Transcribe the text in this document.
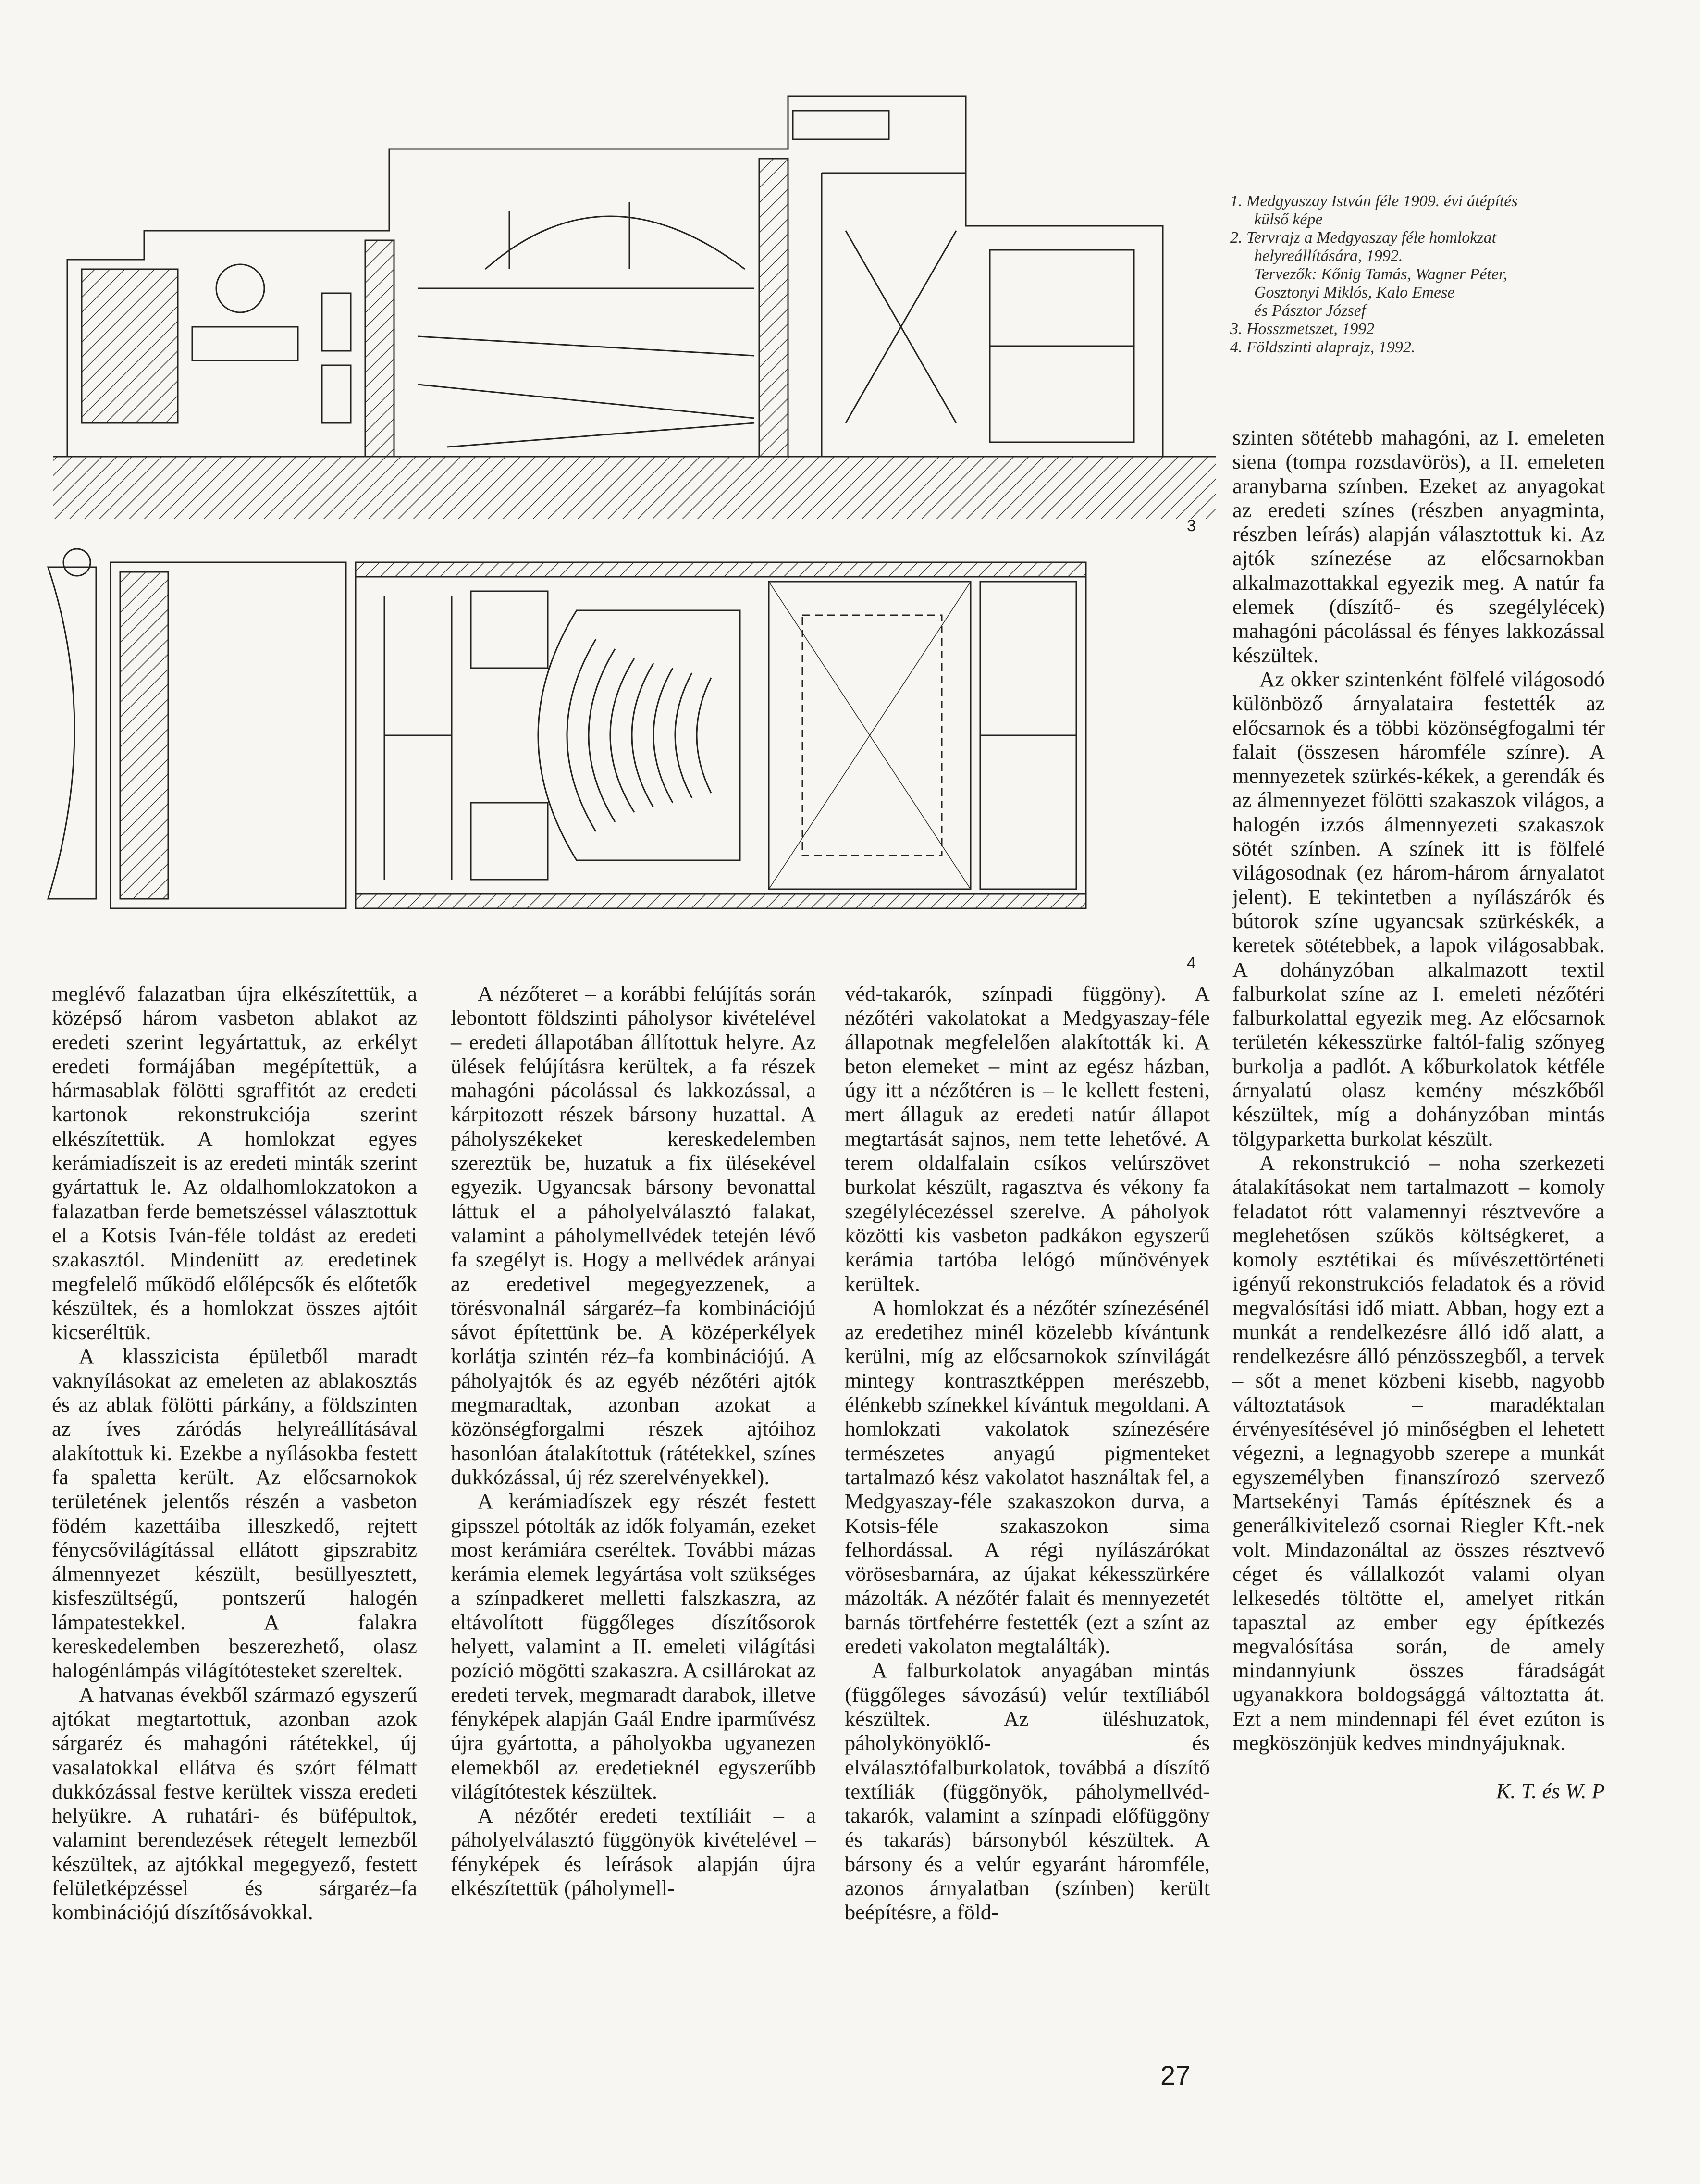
3
4

1. Medgyaszay István féle 1909. évi átépítés

külső képe

2. Tervrajz a Medgyaszay féle homlokzat

helyreállítására, 1992.

Tervezők: Kőnig Tamás, Wagner Péter,

Gosztonyi Miklós, Kalo Emese

és Pásztor József

3. Hosszmetszet, 1992

4. Földszinti alaprajz, 1992.

meglévő falazatban újra elkészítettük, a középső három vasbeton ablakot az eredeti szerint legyártattuk, az erkélyt eredeti formájában megépítettük, a hármasablak fölötti sgraffitót az eredeti kartonok rekonstrukciója szerint elkészítettük. A homlokzat egyes kerámiadíszeit is az eredeti minták szerint gyártattuk le. Az oldalhomlokzatokon a falazatban ferde bemetszéssel választottuk el a Kotsis Iván-féle toldást az eredeti szakasztól. Mindenütt az eredetinek megfelelő működő előlépcsők és előtetők készültek, és a homlokzat összes ajtóit kicseréltük.

A klasszicista épületből maradt vaknyílásokat az emeleten az ablakosztás és az ablak fölötti párkány, a földszinten az íves záródás helyreállításával alakítottuk ki. Ezekbe a nyílásokba festett fa spaletta került. Az előcsarnokok területének jelentős részén a vasbeton födém kazettáiba illeszkedő, rejtett fénycsővilágítással ellátott gipszrabitz álmennyezet készült, besüllyesztett, kisfeszültségű, pontszerű halogén lámpatestekkel. A falakra kereskedelemben beszerezhető, olasz halogénlámpás világítótesteket szereltek.

A hatvanas évekből származó egyszerű ajtókat megtartottuk, azonban azok sárgaréz és mahagóni rátétekkel, új vasalatokkal ellátva és szórt félmatt dukkózással festve kerültek vissza eredeti helyükre. A ruhatári- és büfépultok, valamint berendezések rétegelt lemezből készültek, az ajtókkal megegyező, festett felületképzéssel és sárgaréz–fa kombinációjú díszítősávokkal.

A nézőteret – a korábbi felújítás során lebontott földszinti páholysor kivételével – eredeti állapotában állítottuk helyre. Az ülések felújításra kerültek, a fa részek mahagóni pácolással és lakkozással, a kárpitozott részek bársony huzattal. A páholyszékeket kereskedelemben szereztük be, huzatuk a fix ülésekével egyezik. Ugyancsak bársony bevonattal láttuk el a páholyelválasztó falakat, valamint a páholymellvédek tetején lévő fa szegélyt is. Hogy a mellvédek arányai az eredetivel megegyezzenek, a törésvonalnál sárgaréz–fa kombinációjú sávot építettünk be. A középerkélyek korlátja szintén réz–fa kombinációjú. A páholyajtók és az egyéb nézőtéri ajtók megmaradtak, azonban azokat a közönségforgalmi részek ajtóihoz hasonlóan átalakítottuk (rátétekkel, színes dukkózással, új réz szerelvényekkel).

A kerámiadíszek egy részét festett gipsszel pótolták az idők folyamán, ezeket most kerámiára cseréltek. További mázas kerámia elemek legyártása volt szükséges a színpadkeret melletti falszkaszra, az eltávolított függőleges díszítősorok helyett, valamint a II. emeleti világítási pozíció mögötti szakaszra. A csillárokat az eredeti tervek, megmaradt darabok, illetve fényképek alapján Gaál Endre iparművész újra gyártotta, a páholyokba ugyanezen elemekből az eredetieknél egyszerűbb világítótestek készültek.

A nézőtér eredeti textíliáit – a páholyelválasztó függönyök kivételével – fényképek és leírások alapján újra elkészítettük (páholymell-

véd-takarók, színpadi függöny). A nézőtéri vakolatokat a Medgyaszay-féle állapotnak megfelelően alakították ki. A beton elemeket – mint az egész házban, úgy itt a nézőtéren is – le kellett festeni, mert állaguk az eredeti natúr állapot megtartását sajnos, nem tette lehetővé. A terem oldalfalain csíkos velúrszövet burkolat készült, ragasztva és vékony fa szegélylécezéssel szerelve. A páholyok közötti kis vasbeton padkákon egyszerű kerámia tartóba lelógó műnövények kerültek.

A homlokzat és a nézőtér színezésénél az eredetihez minél közelebb kívántunk kerülni, míg az előcsarnokok színvilágát mintegy kontrasztképpen merészebb, élénkebb színekkel kívántuk megoldani. A homlokzati vakolatok színezésére természetes anyagú pigmenteket tartalmazó kész vakolatot használtak fel, a Medgyaszay-féle szakaszokon durva, a Kotsis-féle szakaszokon sima felhordással. A régi nyílászárókat vörösesbarnára, az újakat kékesszürkére mázolták. A nézőtér falait és mennyezetét barnás törtfehérre festették (ezt a színt az eredeti vakolaton megtalálták).

A falburkolatok anyagában mintás (függőleges sávozású) velúr textíliából készültek. Az üléshuzatok, páholykönyöklő- és elválasztófalburkolatok, továbbá a díszítő textíliák (függönyök, páholymellvéd-takarók, valamint a színpadi előfüggöny és takarás) bársonyból készültek. A bársony és a velúr egyaránt háromféle, azonos árnyalatban (színben) került beépítésre, a föld-

szinten sötétebb mahagóni, az I. emeleten siena (tompa rozsdavörös), a II. emeleten aranybarna színben. Ezeket az anyagokat az eredeti színes (részben anyagminta, részben leírás) alapján választottuk ki. Az ajtók színezése az előcsarnokban alkalmazottakkal egyezik meg. A natúr fa elemek (díszítő- és szegélylécek) mahagóni pácolással és fényes lakkozással készültek.

Az okker szintenként fölfelé világosodó különböző árnyalataira festették az előcsarnok és a többi közönségfogalmi tér falait (összesen háromféle színre). A mennyezetek szürkés-kékek, a gerendák és az álmennyezet fölötti szakaszok világos, a halogén izzós álmennyezeti szakaszok sötét színben. A színek itt is fölfelé világosodnak (ez három-három árnyalatot jelent). E tekintetben a nyílászárók és bútorok színe ugyancsak szürkéskék, a keretek sötétebbek, a lapok világosabbak. A dohányzóban alkalmazott textil falburkolat színe az I. emeleti nézőtéri falburkolattal egyezik meg. Az előcsarnok területén kékesszürke faltól-falig szőnyeg burkolja a padlót. A kőburkolatok kétféle árnyalatú olasz kemény mészkőből készültek, míg a dohányzóban mintás tölgyparketta burkolat készült.

A rekonstrukció – noha szerkezeti átalakításokat nem tartalmazott – komoly feladatot rótt valamennyi résztvevőre a meglehetősen szűkös költségkeret, a komoly esztétikai és művészettörténeti igényű rekonstrukciós feladatok és a rövid megvalósítási idő miatt. Abban, hogy ezt a munkát a rendelkezésre álló idő alatt, a rendelkezésre álló pénzösszegből, a tervek – sőt a menet közbeni kisebb, nagyobb változtatások – maradéktalan érvényesítésével jó minőségben el lehetett végezni, a legnagyobb szerepe a munkát egyszemélyben finanszírozó szervező Martsekényi Tamás építésznek és a generálkivitelező csornai Riegler Kft.-nek volt. Mindazonáltal az összes résztvevő céget és vállalkozót valami olyan lelkesedés töltötte el, amelyet ritkán tapasztal az ember egy építkezés megvalósítása során, de amely mindannyiunk összes fáradságát ugyanakkora boldogsággá változtatta át. Ezt a nem mindennapi fél évet ezúton is megköszönjük kedves mindnyájuknak.

K. T. és W. P
27
